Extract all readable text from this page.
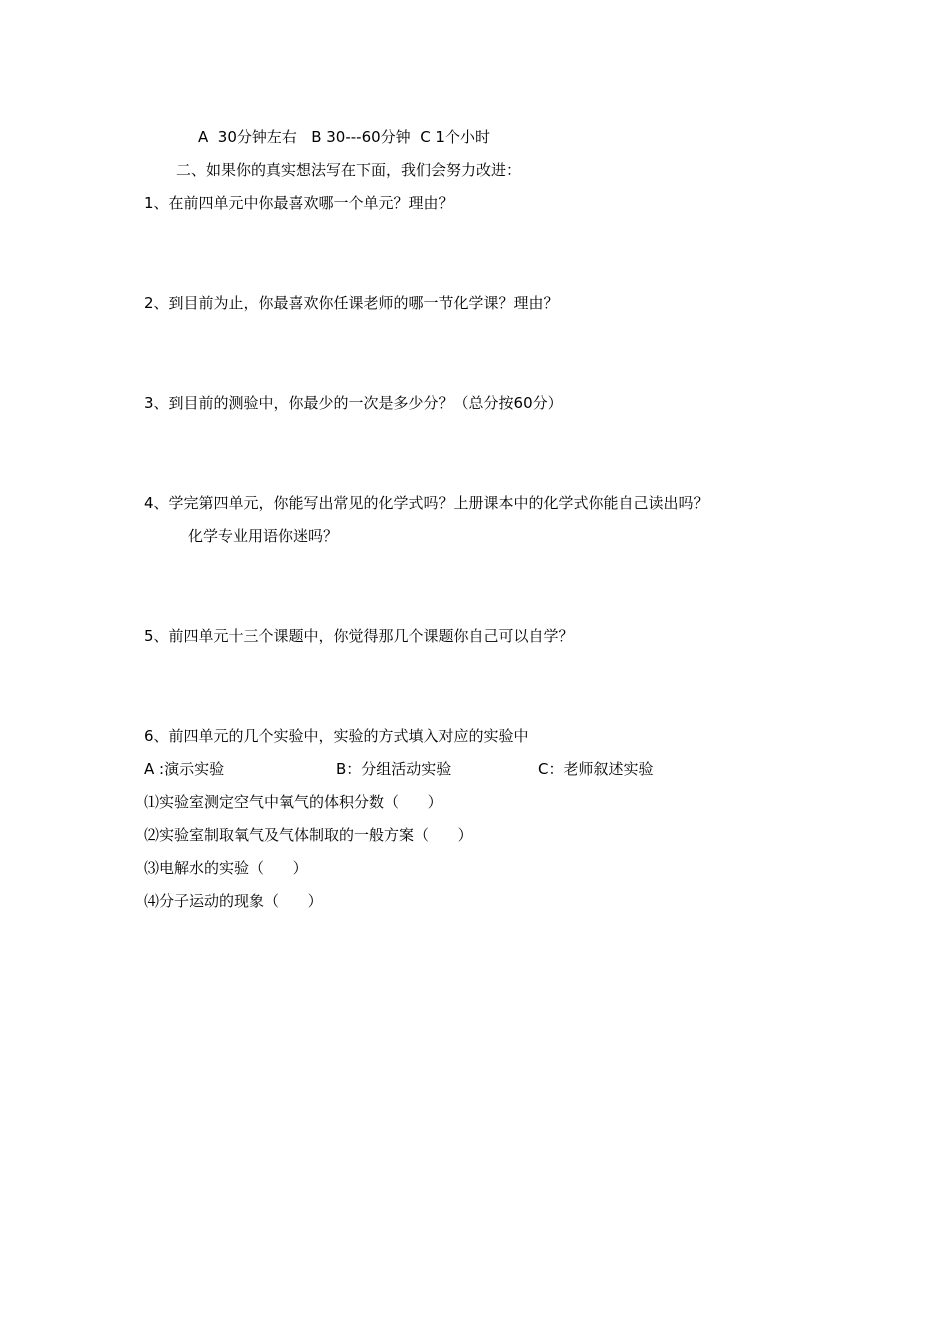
A  30分钟左右   B 30---60分钟  C 1个小时
二、如果你的真实想法写在下面，我们会努力改进：
1、在前四单元中你最喜欢哪一个单元？理由？
2、到目前为止，你最喜欢你任课老师的哪一节化学课？理由？
3、到目前的测验中，你最少的一次是多少分？（总分按60分）
4、学完第四单元，你能写出常见的化学式吗？上册课本中的化学式你能自己读出吗？
化学专业用语你迷吗？
5、前四单元十三个课题中，你觉得那几个课题你自己可以自学？
6、前四单元的几个实验中，实验的方式填入对应的实验中
A :演示实验	B：分组活动实验	C：老师叙述实验
⑴实验室测定空气中氧气的体积分数（      ）
⑵实验室制取氧气及气体制取的一般方案（      ）
⑶电解水的实验（      ）
⑷分子运动的现象（      ）
